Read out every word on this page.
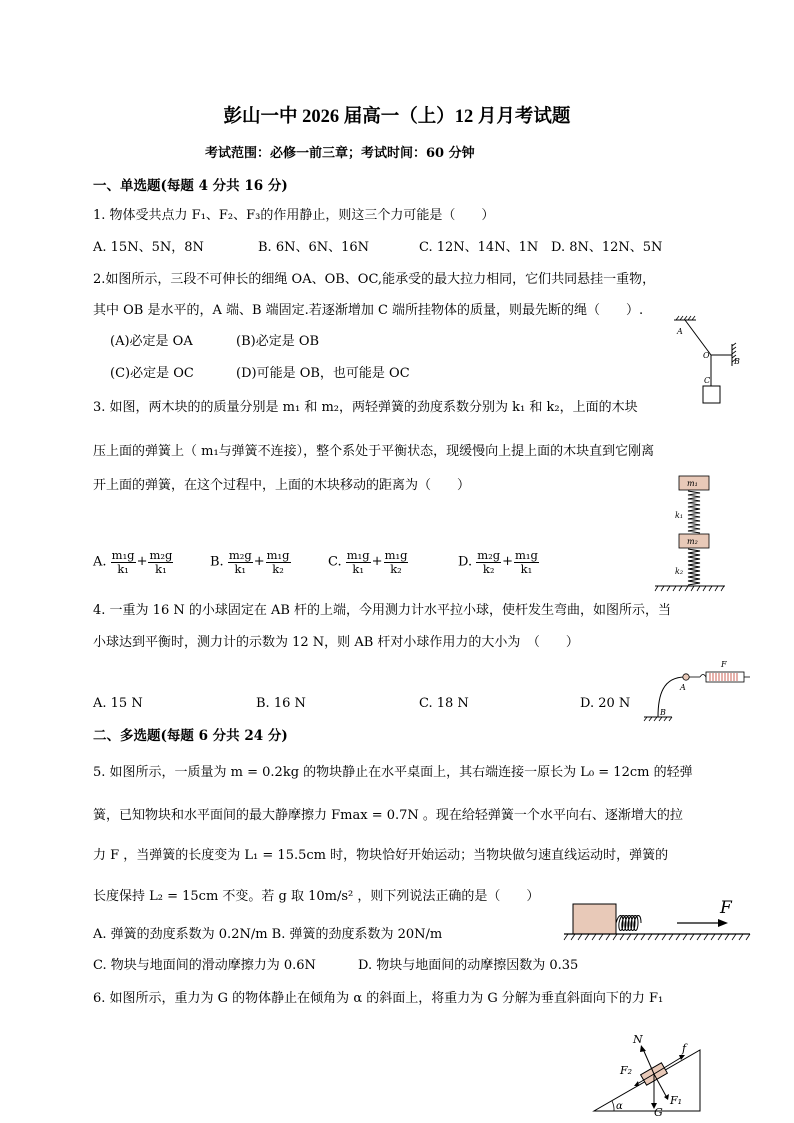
彭山一中 2026 届高一（上）12 月月考试题
考试范围：必修一前三章；考试时间：60 分钟
一、单选题(每题 4 分共 16 分)
1. 物体受共点力 F₁、F₂、F₃的作用静止，则这三个力可能是（　　）
A. 15N、5N，8N	B. 6N、6N、16N	C. 12N、14N、1N D. 8N、12N、5N
2.如图所示，三段不可伸长的细绳 OA、OB、OC,能承受的最大拉力相同，它们共同悬挂一重物，
其中 OB 是水平的，A 端、B 端固定.若逐渐增加 C 端所挂物体的质量，则最先断的绳（　　）.
(A)必定是 OA	(B)必定是 OB
(C)必定是 OC	(D)可能是 OB，也可能是 OC
A
O
B
C
3. 如图，两木块的的质量分别是 m₁ 和 m₂，两轻弹簧的劲度系数分别为 k₁ 和 k₂，上面的木块
压上面的弹簧上（ m₁与弹簧不连接），整个系处于平衡状态，现缓慢向上提上面的木块直到它刚离
开上面的弹簧，在这个过程中，上面的木块移动的距离为（　　）
A. $\frac{\text{m₁g}}{\text{k₁}} + \frac{\text{m₂g}}{\text{k₁}}$	B. $\frac{\text{m₂g}}{\text{k₁}} + \frac{\text{m₁g}}{\text{k₂}}$	C. $\frac{\text{m₁g}}{\text{k₁}} + \frac{\text{m₁g}}{\text{k₂}}$	D. $\frac{\text{m₂g}}{\text{k₂}} + \frac{\text{m₁g}}{\text{k₁}}$
m₁
k₁
m₂
k₂
4. 一重为 16 N 的小球固定在 AB 杆的上端，今用测力计水平拉小球，使杆发生弯曲，如图所示，当
小球达到平衡时，测力计的示数为 12 N，则 AB 杆对小球作用力的大小为　（　　）
A. 15 N	B. 16 N	C. 18 N	D. 20 N
F
A
B
二、多选题(每题 6 分共 24 分)
5. 如图所示，一质量为 m = 0.2kg 的物块静止在水平桌面上，其右端连接一原长为 L₀ = 12cm 的轻弹
簧，已知物块和水平面间的最大静摩擦力 Fmax = 0.7N 。现在给轻弹簧一个水平向右、逐渐增大的拉
力 F ，当弹簧的长度变为 L₁ = 15.5cm 时，物块恰好开始运动；当物块做匀速直线运动时，弹簧的
长度保持 L₂ = 15cm 不变。若 g 取 10m/s² ，则下列说法正确的是（　　）
A. 弹簧的劲度系数为 0.2N/m B. 弹簧的劲度系数为 20N/m
C. 物块与地面间的滑动摩擦力为 0.6N	D. 物块与地面间的动摩擦因数为 0.35
F
6. 如图所示，重力为 G 的物体静止在倾角为 α 的斜面上，将重力为 G 分解为垂直斜面向下的力 F₁
α
N
f
F₂
F₁
G
